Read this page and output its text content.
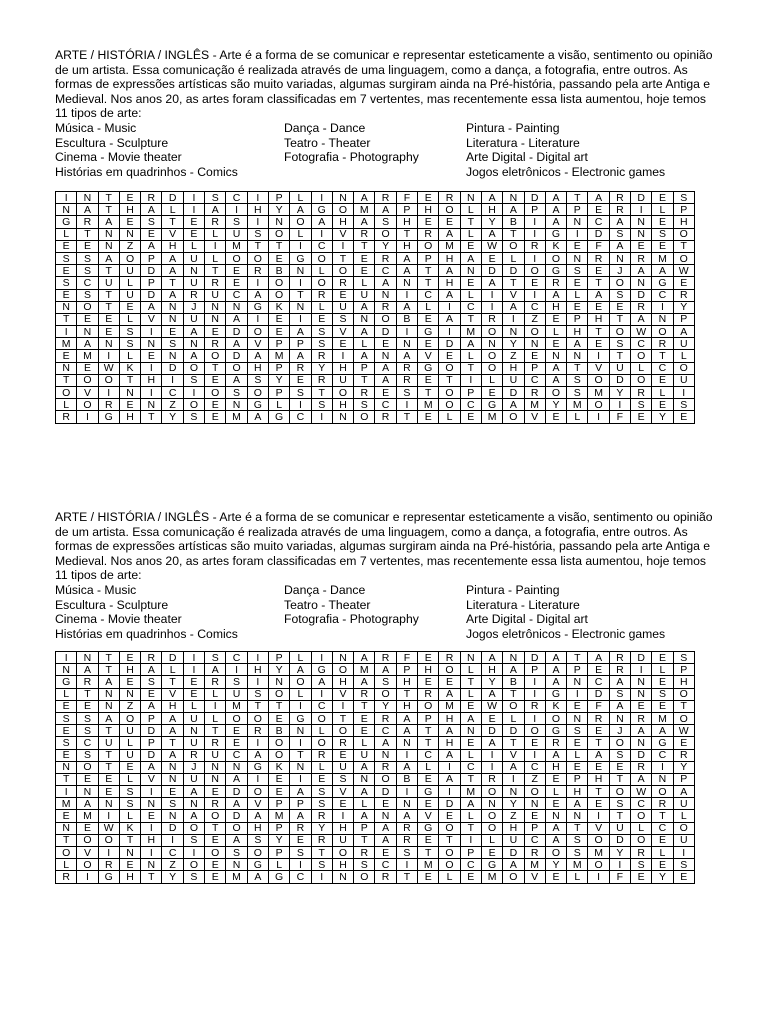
ARTE / HISTÓRIA / INGLÊS - Arte é a forma de se comunicar e representar esteticamente a visão, sentimento ou opinião de um artista. Essa comunicação é realizada através de uma linguagem, como a dança, a fotografia, entre outros. As formas de expressões artísticas são muito variadas, algumas surgiram ainda na Pré-história, passando pela arte Antiga e Medieval. Nos anos 20, as artes foram classificadas em 7 vertentes, mas recentemente essa lista aumentou, hoje temos 11 tipos de arte:

Música - Music
Escultura - Sculpture
Cinema - Movie theater
Histórias em quadrinhos - Comics
Dança - Dance
Teatro - Theater
Fotografia - Photography
Pintura - Painting
Literatura - Literature
Arte Digital - Digital art
Jogos eletrônicos - Electronic games
I	N	T	E	R	D	I	S	C	I	P	L	I	N	A	R	F	E	R	N	A	N	D	A	T	A	R	D	E	S
N	A	T	H	A	L	I	A	I	H	Y	A	G	O	M	A	P	H	O	L	H	A	P	A	P	E	R	I	L	P
G	R	A	E	S	T	E	R	S	I	N	O	A	H	A	S	H	E	E	T	Y	B	I	A	N	C	A	N	E	H
L	T	N	N	E	V	E	L	U	S	O	L	I	V	R	O	T	R	A	L	A	T	I	G	I	D	S	N	S	O
E	E	N	Z	A	H	L	I	M	T	T	I	C	I	T	Y	H	O	M	E	W	O	R	K	E	F	A	E	E	T
S	S	A	O	P	A	U	L	O	O	E	G	O	T	E	R	A	P	H	A	E	L	I	O	N	R	N	R	M	O
E	S	T	U	D	A	N	T	E	R	B	N	L	O	E	C	A	T	A	N	D	D	O	G	S	E	J	A	A	W
S	C	U	L	P	T	U	R	E	I	O	I	O	R	L	A	N	T	H	E	A	T	E	R	E	T	O	N	G	E
E	S	T	U	D	A	R	U	C	A	O	T	R	E	U	N	I	C	A	L	I	V	I	A	L	A	S	D	C	R
N	O	T	E	A	N	J	N	N	G	K	N	L	U	A	R	A	L	I	C	I	A	C	H	E	E	E	R	I	Y
T	E	E	L	V	N	U	N	A	I	E	I	E	S	N	O	B	E	A	T	R	I	Z	E	P	H	T	A	N	P
I	N	E	S	I	E	A	E	D	O	E	A	S	V	A	D	I	G	I	M	O	N	O	L	H	T	O	W	O	A
M	A	N	S	N	S	N	R	A	V	P	P	S	E	L	E	N	E	D	A	N	Y	N	E	A	E	S	C	R	U
E	M	I	L	E	N	A	O	D	A	M	A	R	I	A	N	A	V	E	L	O	Z	E	N	N	I	T	O	T	L
N	E	W	K	I	D	O	T	O	H	P	R	Y	H	P	A	R	G	O	T	O	H	P	A	T	V	U	L	C	O
T	O	O	T	H	I	S	E	A	S	Y	E	R	U	T	A	R	E	T	I	L	U	C	A	S	O	D	O	E	U
O	V	I	N	I	C	I	O	S	O	P	S	T	O	R	E	S	T	O	P	E	D	R	O	S	M	Y	R	L	I
L	O	R	E	N	Z	O	E	N	G	L	I	S	H	S	C	I	M	O	C	G	A	M	Y	M	O	I	S	E	S
R	I	G	H	T	Y	S	E	M	A	G	C	I	N	O	R	T	E	L	E	M	O	V	E	L	I	F	E	Y	E

ARTE / HISTÓRIA / INGLÊS - Arte é a forma de se comunicar e representar esteticamente a visão, sentimento ou opinião de um artista. Essa comunicação é realizada através de uma linguagem, como a dança, a fotografia, entre outros. As formas de expressões artísticas são muito variadas, algumas surgiram ainda na Pré-história, passando pela arte Antiga e Medieval. Nos anos 20, as artes foram classificadas em 7 vertentes, mas recentemente essa lista aumentou, hoje temos 11 tipos de arte:

Música - Music
Escultura - Sculpture
Cinema - Movie theater
Histórias em quadrinhos - Comics
Dança - Dance
Teatro - Theater
Fotografia - Photography
Pintura - Painting
Literatura - Literature
Arte Digital - Digital art
Jogos eletrônicos - Electronic games
I	N	T	E	R	D	I	S	C	I	P	L	I	N	A	R	F	E	R	N	A	N	D	A	T	A	R	D	E	S
N	A	T	H	A	L	I	A	I	H	Y	A	G	O	M	A	P	H	O	L	H	A	P	A	P	E	R	I	L	P
G	R	A	E	S	T	E	R	S	I	N	O	A	H	A	S	H	E	E	T	Y	B	I	A	N	C	A	N	E	H
L	T	N	N	E	V	E	L	U	S	O	L	I	V	R	O	T	R	A	L	A	T	I	G	I	D	S	N	S	O
E	E	N	Z	A	H	L	I	M	T	T	I	C	I	T	Y	H	O	M	E	W	O	R	K	E	F	A	E	E	T
S	S	A	O	P	A	U	L	O	O	E	G	O	T	E	R	A	P	H	A	E	L	I	O	N	R	N	R	M	O
E	S	T	U	D	A	N	T	E	R	B	N	L	O	E	C	A	T	A	N	D	D	O	G	S	E	J	A	A	W
S	C	U	L	P	T	U	R	E	I	O	I	O	R	L	A	N	T	H	E	A	T	E	R	E	T	O	N	G	E
E	S	T	U	D	A	R	U	C	A	O	T	R	E	U	N	I	C	A	L	I	V	I	A	L	A	S	D	C	R
N	O	T	E	A	N	J	N	N	G	K	N	L	U	A	R	A	L	I	C	I	A	C	H	E	E	E	R	I	Y
T	E	E	L	V	N	U	N	A	I	E	I	E	S	N	O	B	E	A	T	R	I	Z	E	P	H	T	A	N	P
I	N	E	S	I	E	A	E	D	O	E	A	S	V	A	D	I	G	I	M	O	N	O	L	H	T	O	W	O	A
M	A	N	S	N	S	N	R	A	V	P	P	S	E	L	E	N	E	D	A	N	Y	N	E	A	E	S	C	R	U
E	M	I	L	E	N	A	O	D	A	M	A	R	I	A	N	A	V	E	L	O	Z	E	N	N	I	T	O	T	L
N	E	W	K	I	D	O	T	O	H	P	R	Y	H	P	A	R	G	O	T	O	H	P	A	T	V	U	L	C	O
T	O	O	T	H	I	S	E	A	S	Y	E	R	U	T	A	R	E	T	I	L	U	C	A	S	O	D	O	E	U
O	V	I	N	I	C	I	O	S	O	P	S	T	O	R	E	S	T	O	P	E	D	R	O	S	M	Y	R	L	I
L	O	R	E	N	Z	O	E	N	G	L	I	S	H	S	C	I	M	O	C	G	A	M	Y	M	O	I	S	E	S
R	I	G	H	T	Y	S	E	M	A	G	C	I	N	O	R	T	E	L	E	M	O	V	E	L	I	F	E	Y	E
